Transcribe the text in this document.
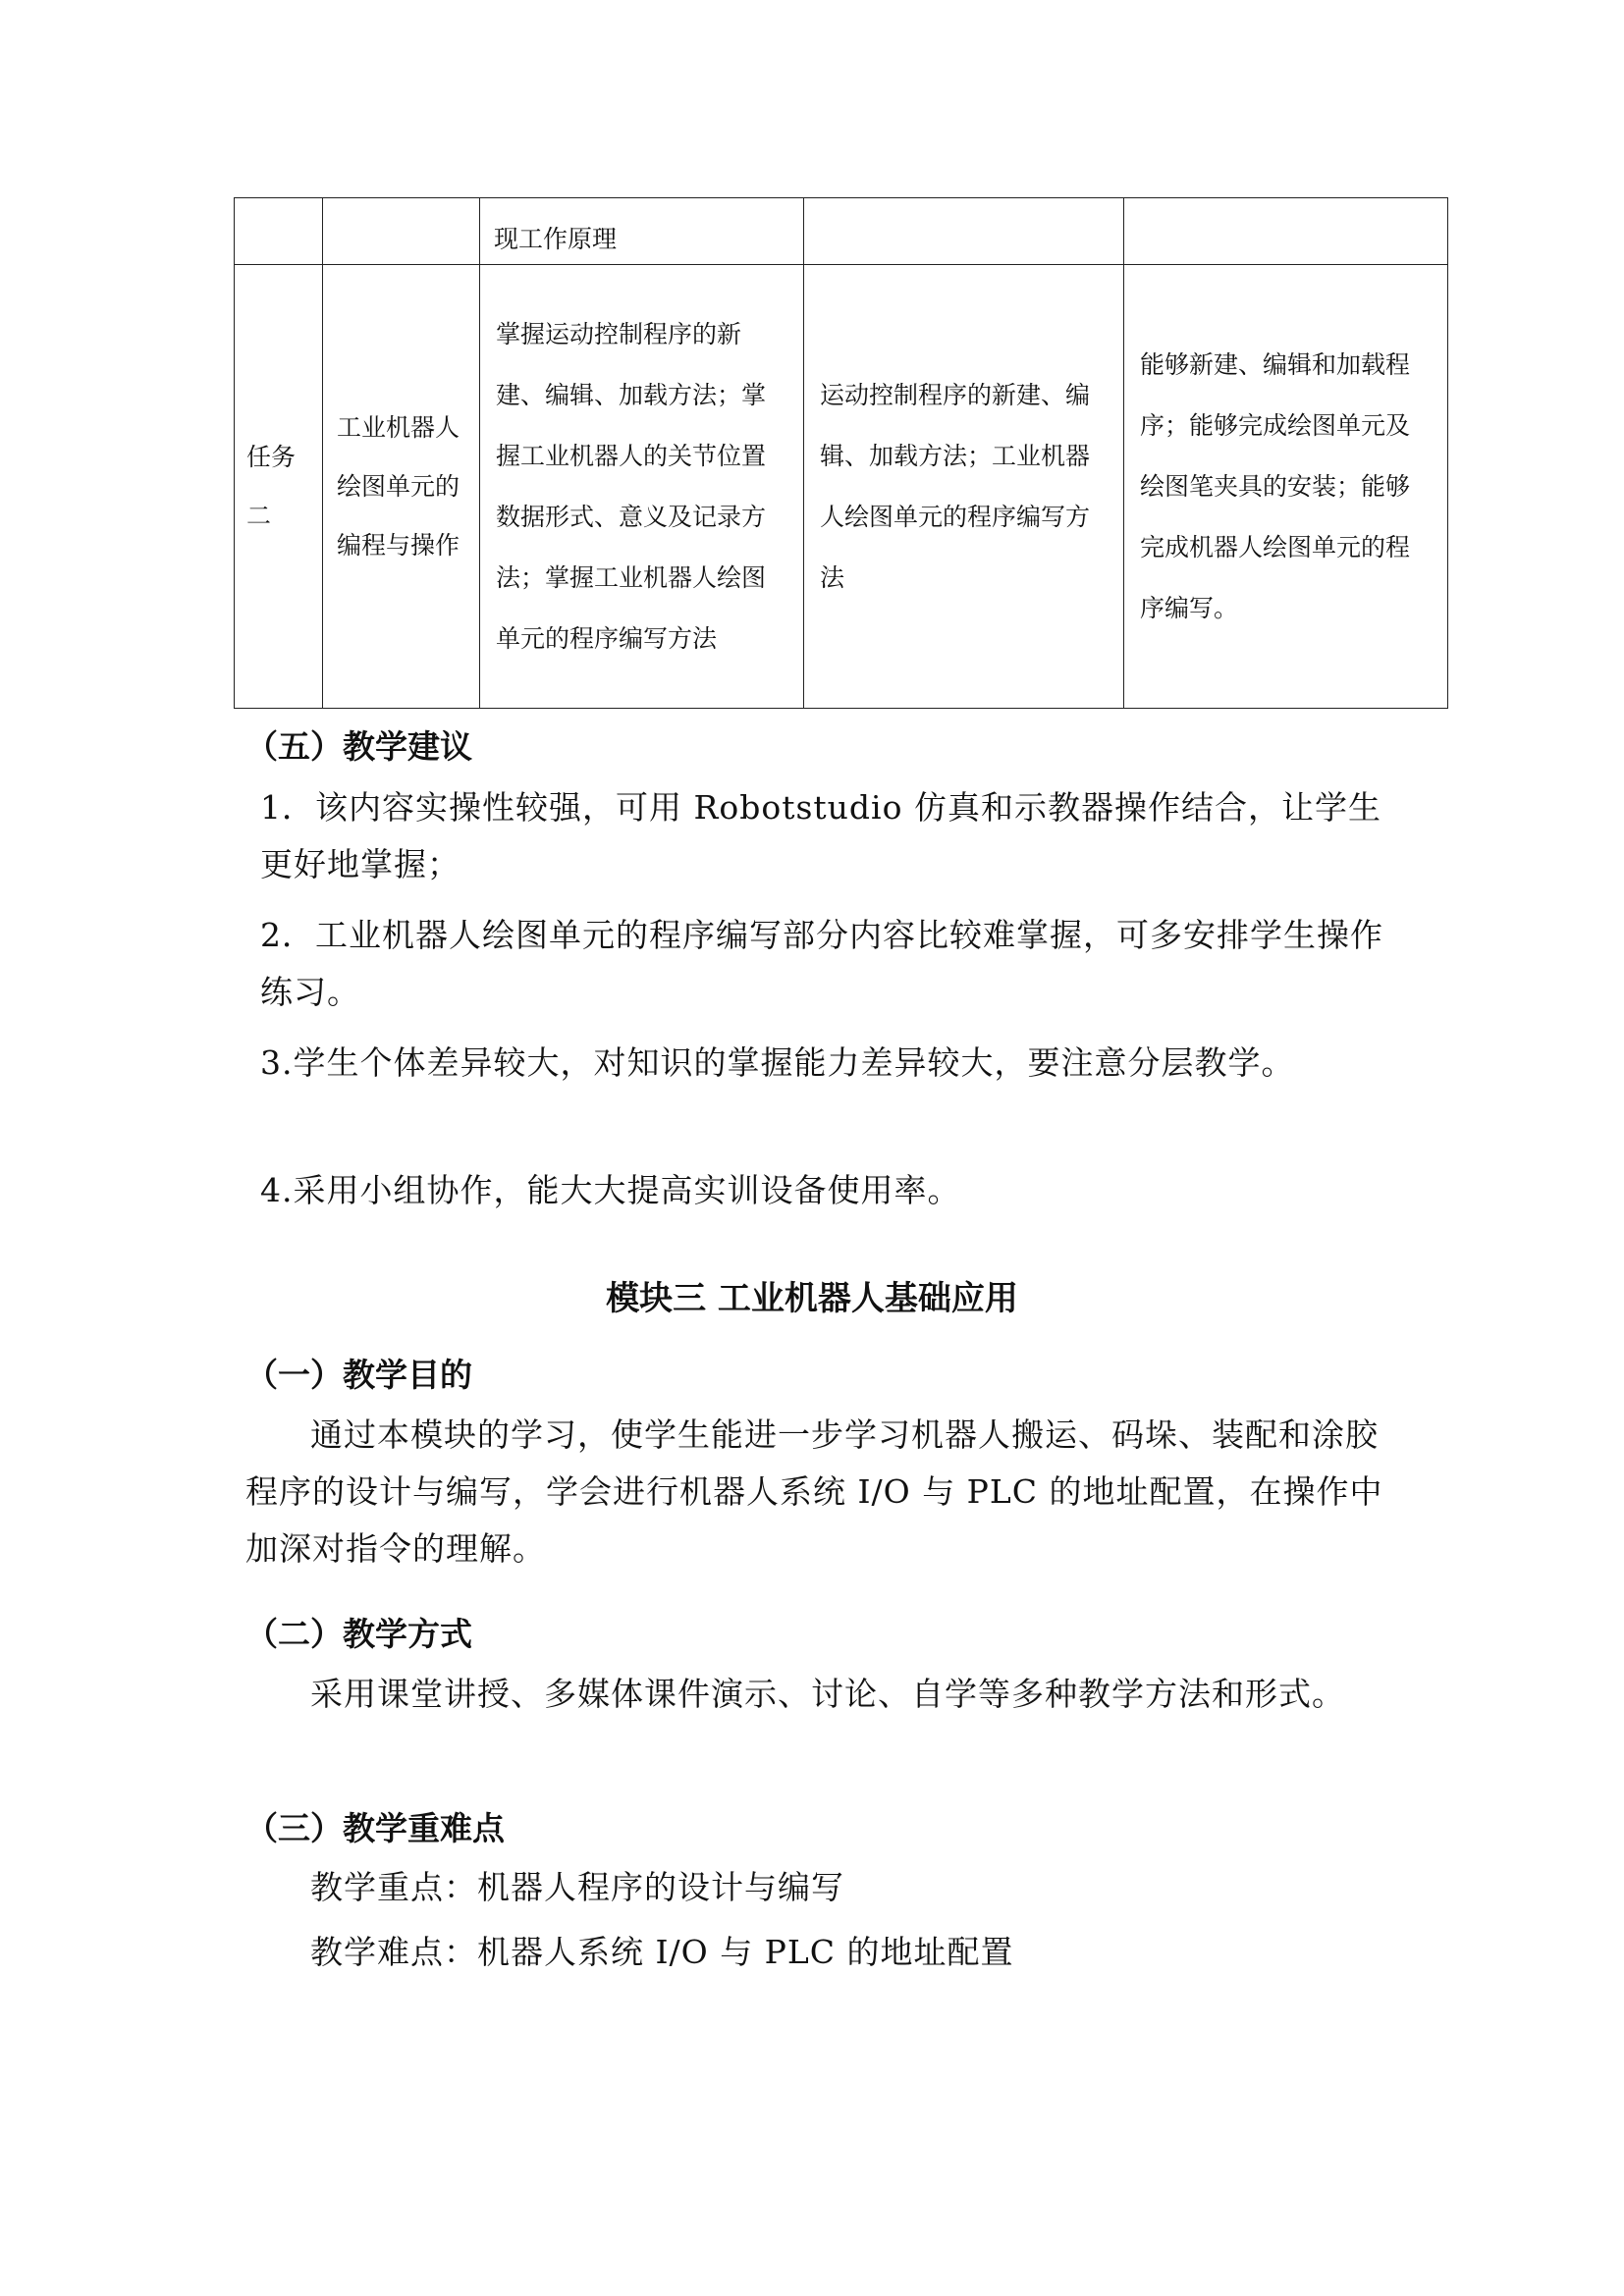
		现工作原理		
任务二	工业机器人绘图单元的编程与操作	掌握运动控制程序的新建、编辑、加载方法；掌握工业机器人的关节位置数据形式、意义及记录方法；掌握工业机器人绘图单元的程序编写方法	运动控制程序的新建、编辑、加载方法；工业机器人绘图单元的程序编写方法	能够新建、编辑和加载程序；能够完成绘图单元及绘图笔夹具的安装；能够完成机器人绘图单元的程序编写。
（五）教学建议
1．该内容实操性较强，可用 Robotstudio 仿真和示教器操作结合，让学生更好地掌握；
2．工业机器人绘图单元的程序编写部分内容比较难掌握，可多安排学生操作练习。
3.学生个体差异较大，对知识的掌握能力差异较大，要注意分层教学。
4.采用小组协作，能大大提高实训设备使用率。
模块三 工业机器人基础应用
（一）教学目的
通过本模块的学习，使学生能进一步学习机器人搬运、码垛、装配和涂胶程序的设计与编写，学会进行机器人系统 I/O 与 PLC 的地址配置，在操作中加深对指令的理解。
（二）教学方式
采用课堂讲授、多媒体课件演示、讨论、自学等多种教学方法和形式。
（三）教学重难点
教学重点：机器人程序的设计与编写
教学难点：机器人系统 I/O 与 PLC 的地址配置
